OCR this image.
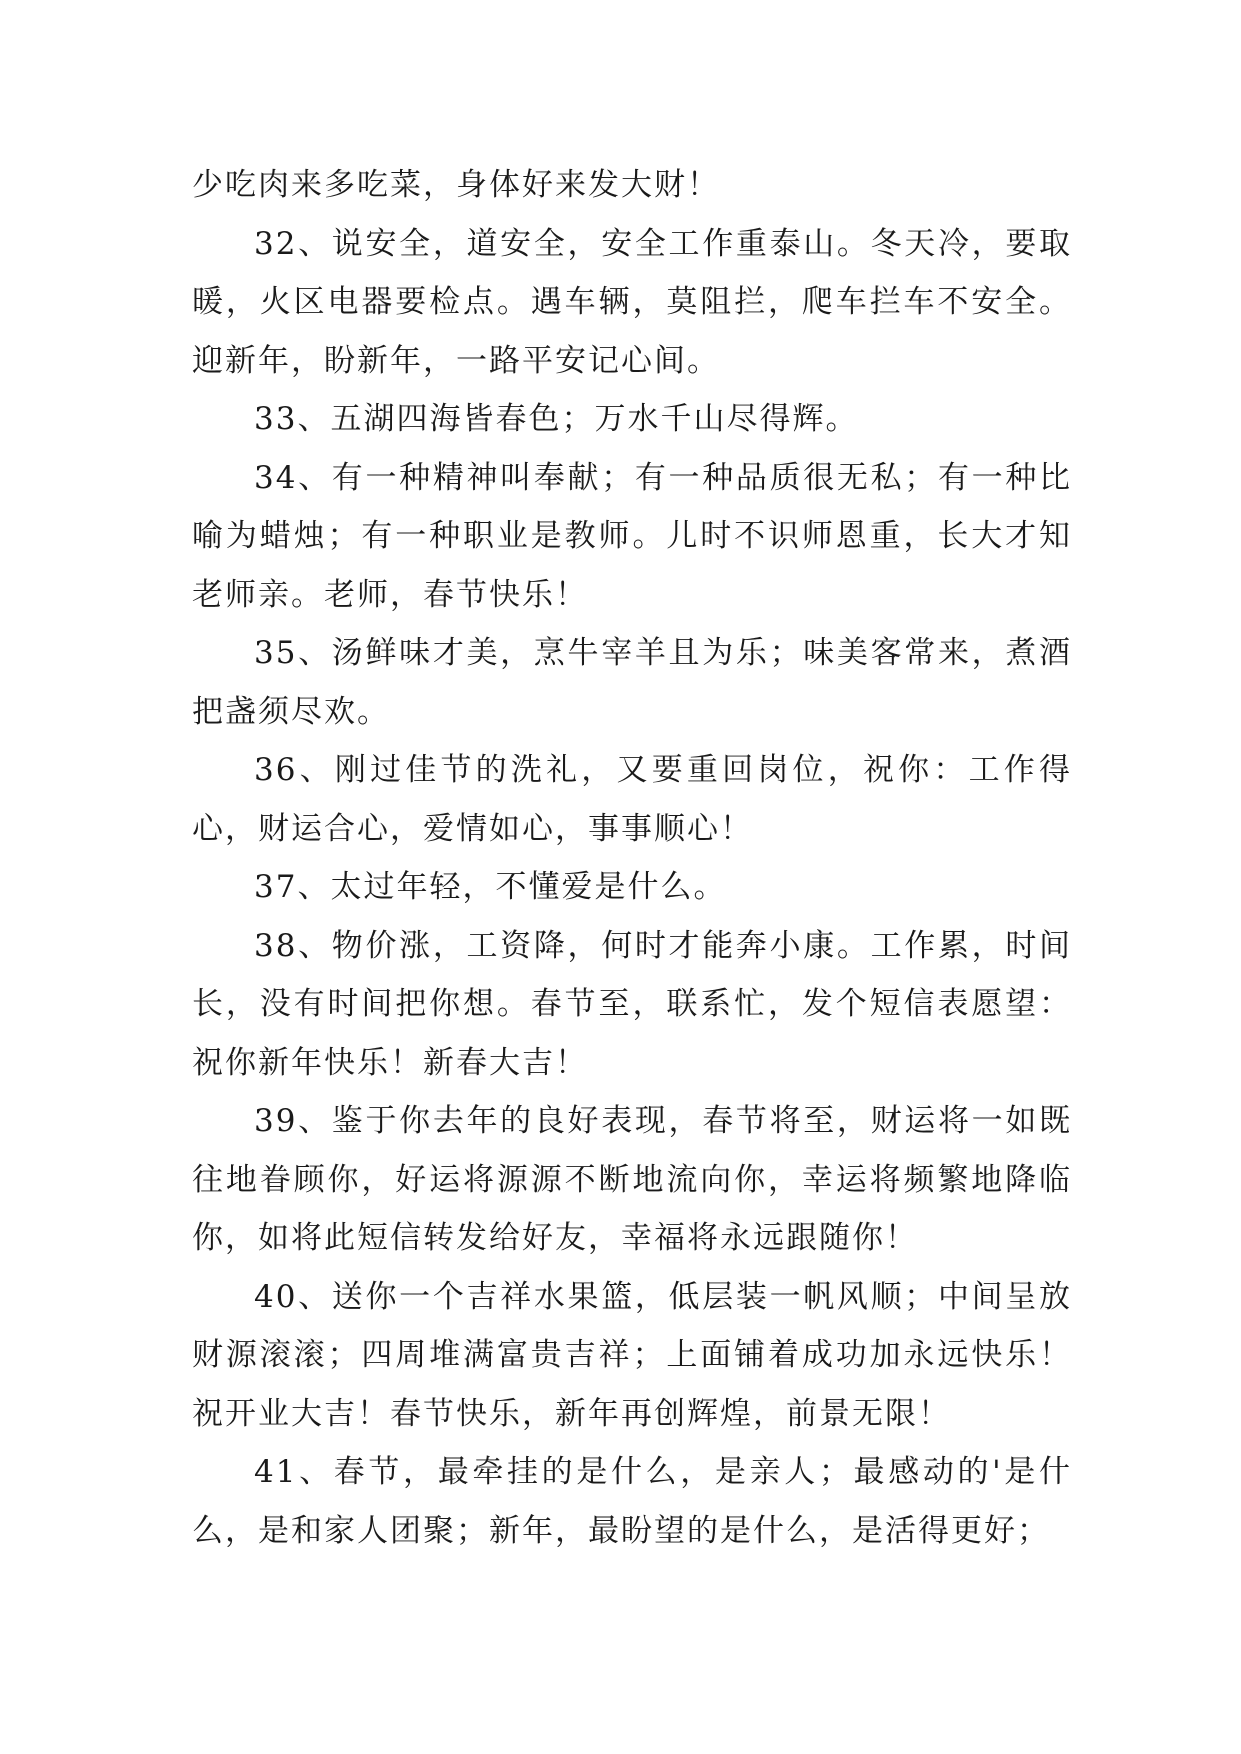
少吃肉来多吃菜，身体好来发大财！

32、说安全，道安全，安全工作重泰山。冬天冷，要取暖，火区电器要检点。遇车辆，莫阻拦，爬车拦车不安全。迎新年，盼新年，一路平安记心间。

33、五湖四海皆春色；万水千山尽得辉。

34、有一种精神叫奉献；有一种品质很无私；有一种比喻为蜡烛；有一种职业是教师。儿时不识师恩重，长大才知老师亲。老师，春节快乐！

35、汤鲜味才美，烹牛宰羊且为乐；味美客常来，煮酒把盏须尽欢。

36、刚过佳节的洗礼，又要重回岗位，祝你：工作得心，财运合心，爱情如心，事事顺心！

37、太过年轻，不懂爱是什么。

38、物价涨，工资降，何时才能奔小康。工作累，时间长，没有时间把你想。春节至，联系忙，发个短信表愿望：祝你新年快乐！新春大吉！

39、鉴于你去年的良好表现，春节将至，财运将一如既往地眷顾你，好运将源源不断地流向你，幸运将频繁地降临你，如将此短信转发给好友，幸福将永远跟随你！

40、送你一个吉祥水果篮，低层装一帆风顺；中间呈放财源滚滚；四周堆满富贵吉祥；上面铺着成功加永远快乐！祝开业大吉！春节快乐，新年再创辉煌，前景无限！

41、春节，最牵挂的是什么，是亲人；最感动的'是什么，是和家人团聚；新年，最盼望的是什么，是活得更好；
